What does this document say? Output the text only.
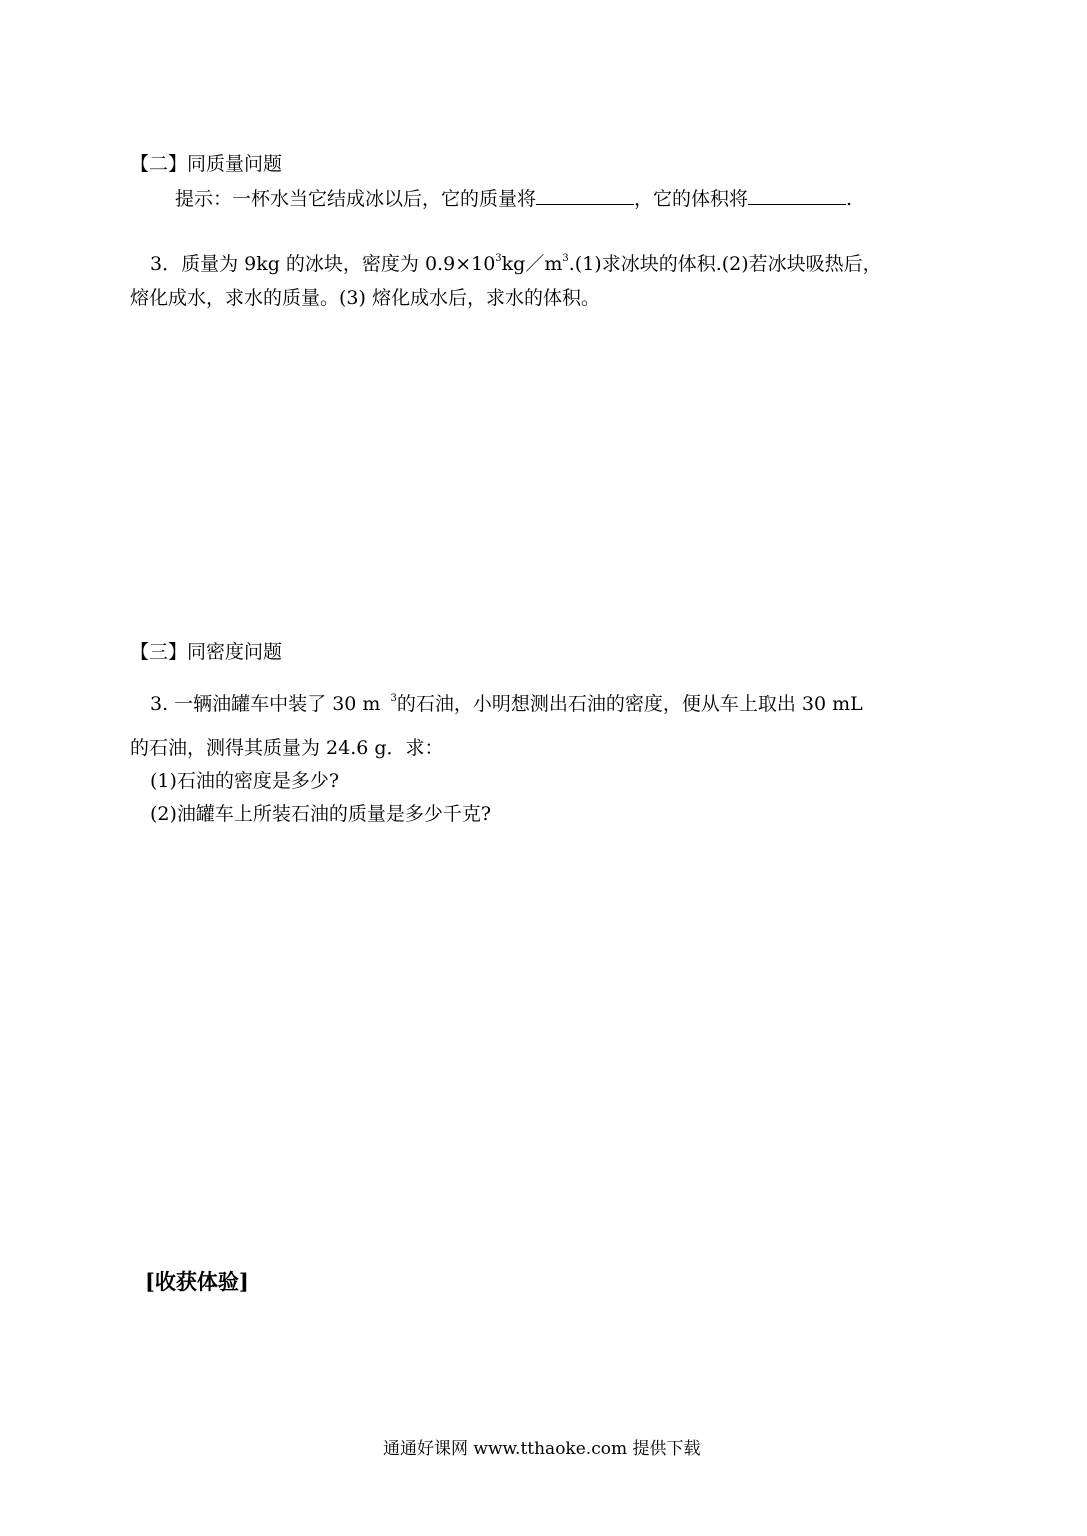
【二】同质量问题
提示：一杯水当它结成冰以后，它的质量将	，它的体积将	.
3．质量为 9kg 的冰块，密度为 $0.9\times 10^3kg/m^3.(1)$求冰块的体积.(2)若冰块吸热后，
熔化成水，求水的质量。(3) 熔化成水后，求水的体积。
【三】同密度问题
3. 一辆油罐车中装了 30 m $^3$的石油，小明想测出石油的密度，便从车上取出 30 mL
的石油，测得其质量为 24.6 g．求：
(1)石油的密度是多少?
(2)油罐车上所装石油的质量是多少千克?
[收获体验]
通通好课网 www.tthaoke.com 提供下载
